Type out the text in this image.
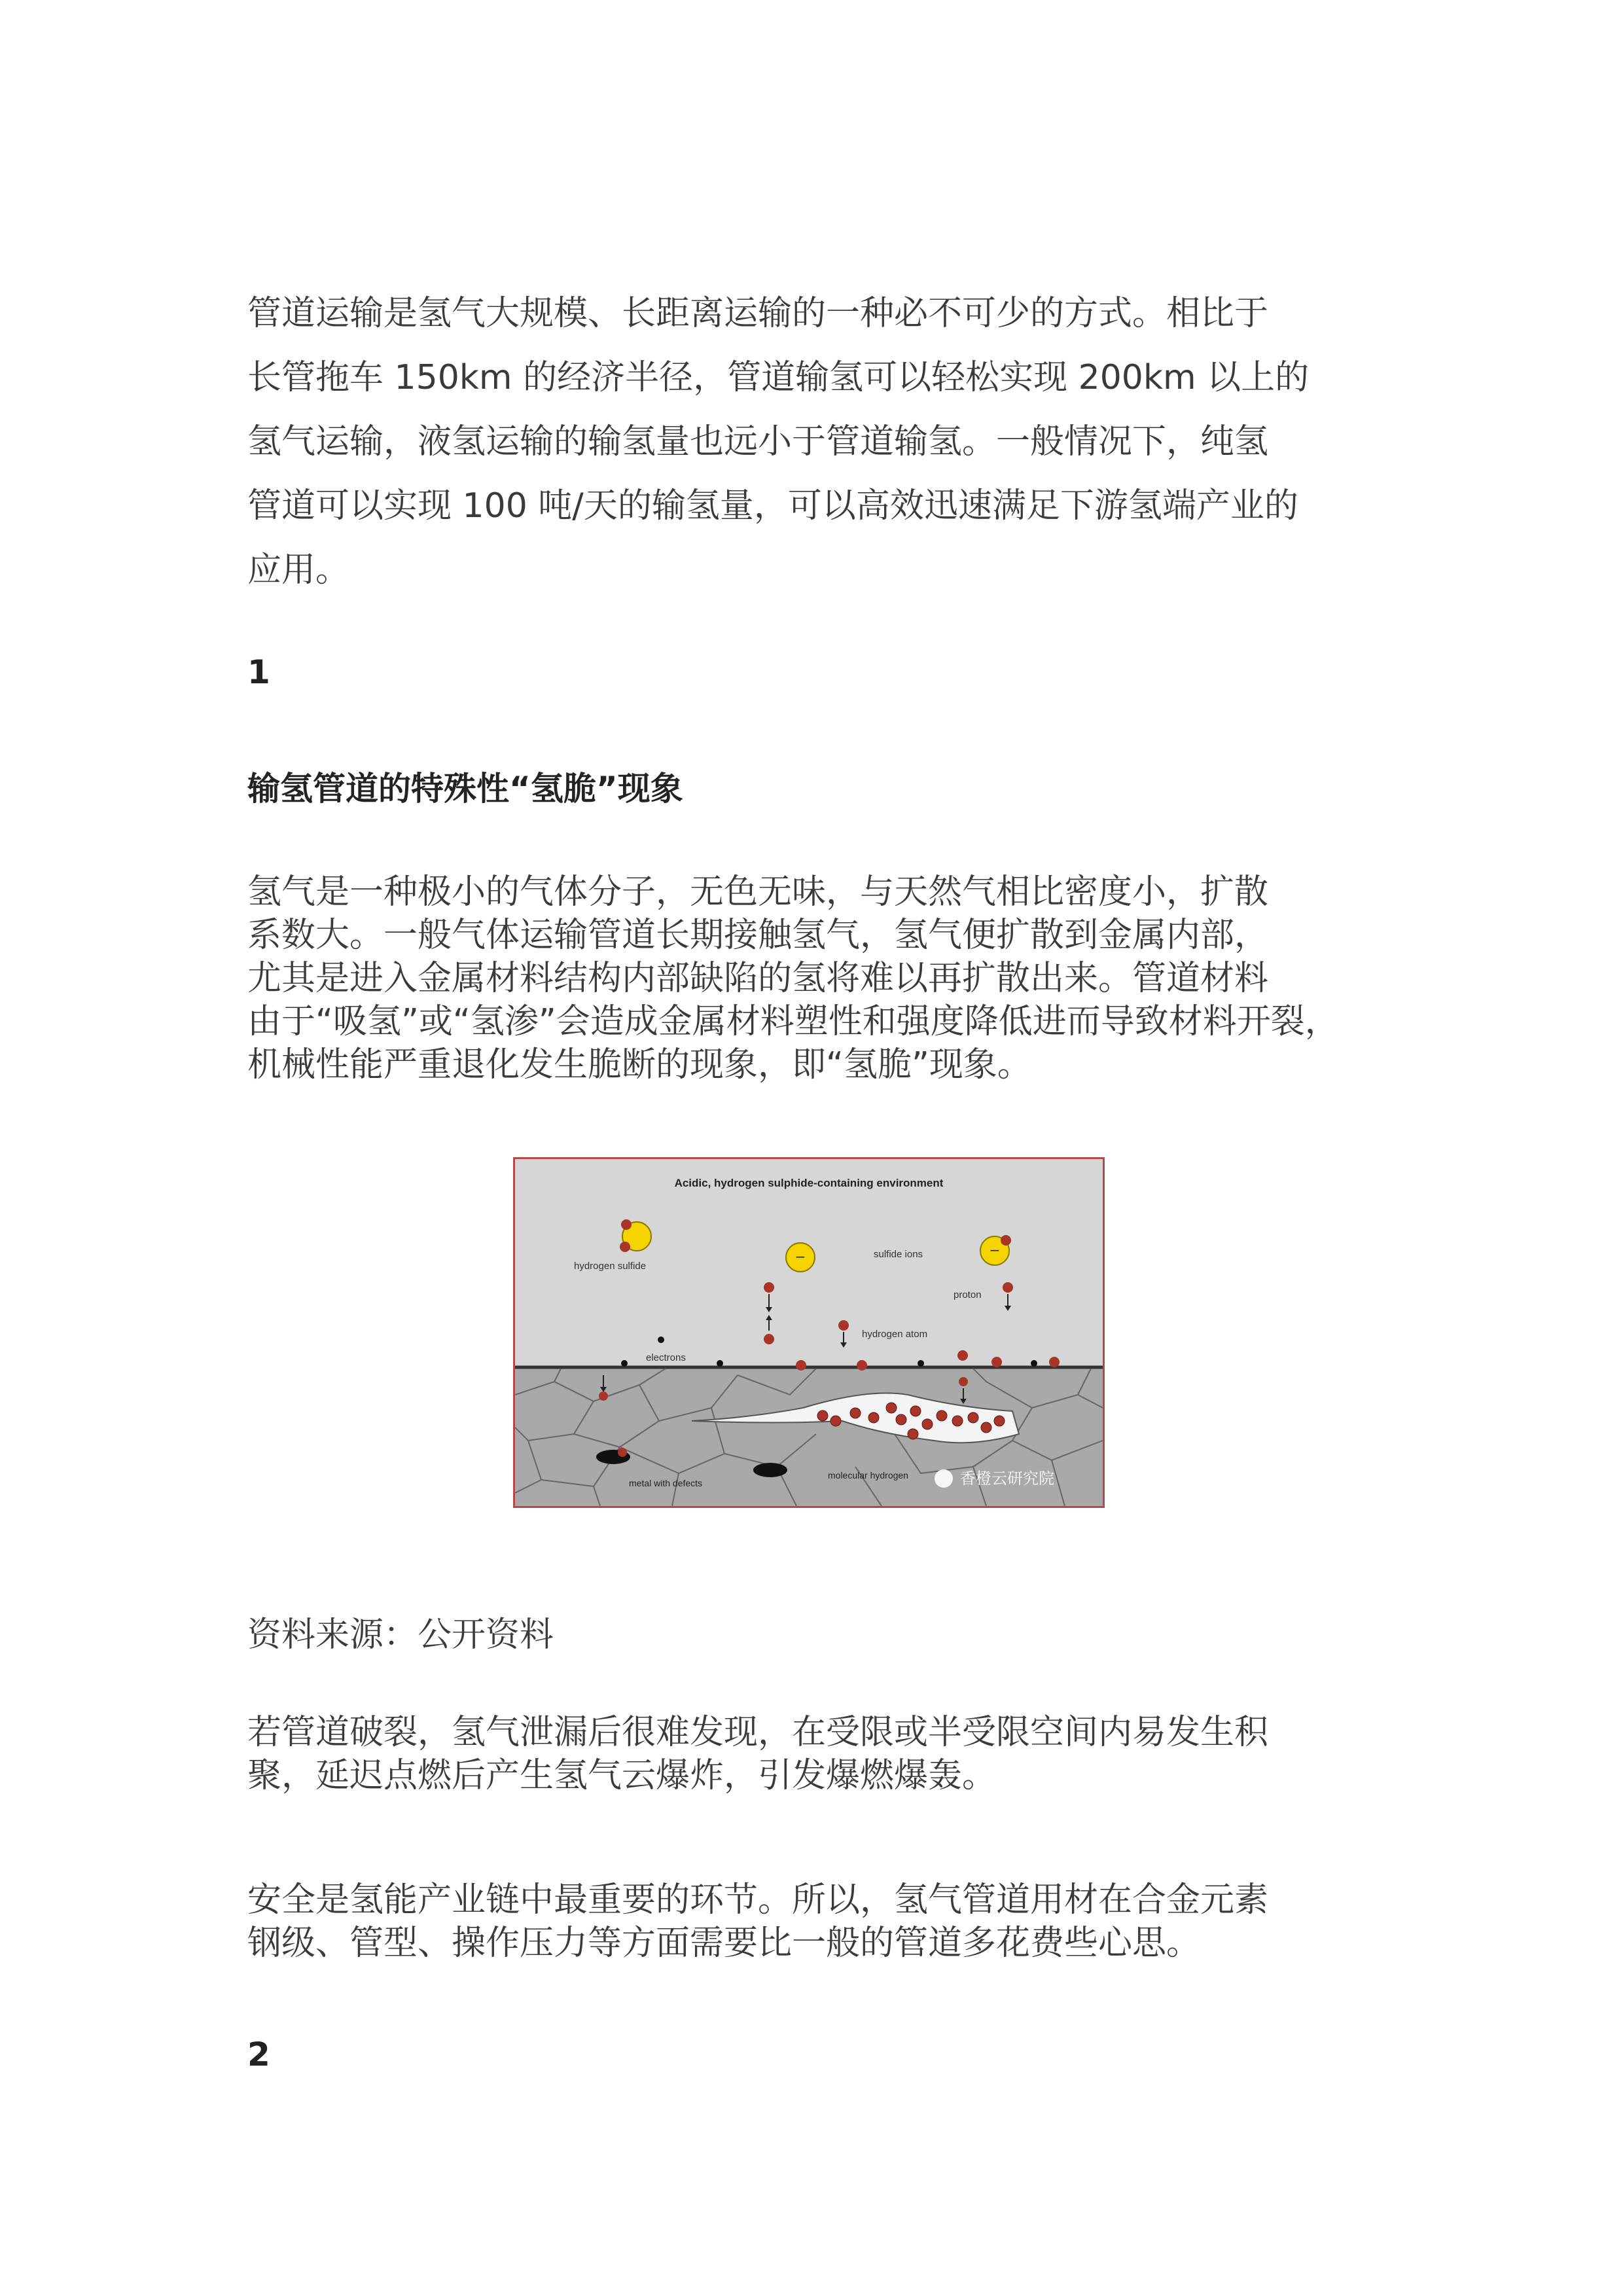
管道运输是氢气大规模、长距离运输的一种必不可少的方式。相比于
长管拖车 150km 的经济半径，管道输氢可以轻松实现 200km 以上的
氢气运输，液氢运输的输氢量也远小于管道输氢。一般情况下，纯氢
管道可以实现 100 吨/天的输氢量，可以高效迅速满足下游氢端产业的
应用。
1
输氢管道的特殊性“氢脆”现象
氢气是一种极小的气体分子，无色无味，与天然气相比密度小，扩散
系数大。一般气体运输管道长期接触氢气，氢气便扩散到金属内部，
尤其是进入金属材料结构内部缺陷的氢将难以再扩散出来。管道材料
由于“吸氢”或“氢渗”会造成金属材料塑性和强度降低进而导致材料开裂，
机械性能严重退化发生脆断的现象，即“氢脆”现象。
Acidic, hydrogen sulphide-containing environment
−	−
hydrogen sulfide
sulfide ions
proton
hydrogen atom
electrons
metal with defects
molecular hydrogen	香橙云研究院
资料来源：公开资料
若管道破裂，氢气泄漏后很难发现，在受限或半受限空间内易发生积
聚，延迟点燃后产生氢气云爆炸，引发爆燃爆轰。
安全是氢能产业链中最重要的环节。所以，氢气管道用材在合金元素
钢级、管型、操作压力等方面需要比一般的管道多花费些心思。
2
